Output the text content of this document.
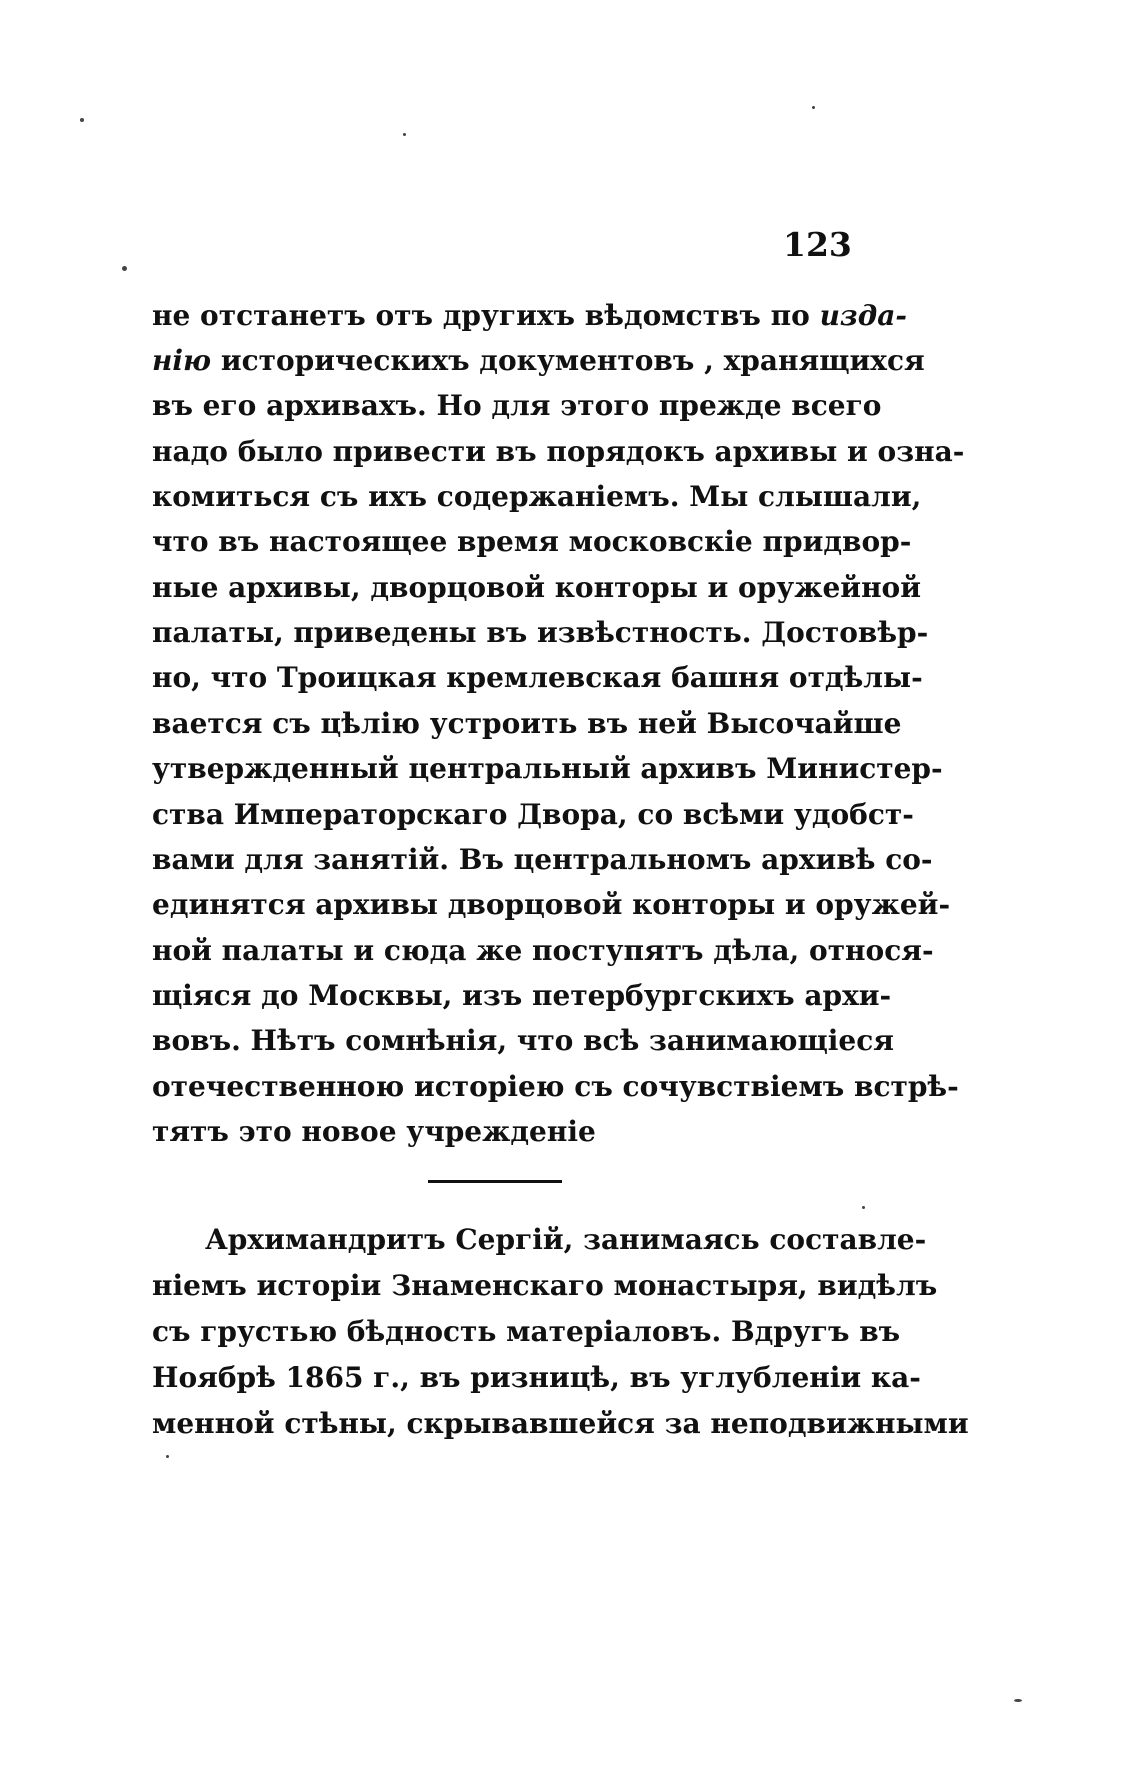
123
не отстанетъ отъ другихъ вѣдомствъ по изда-
нію историческихъ документовъ , хранящихся
въ его архивахъ. Но для этого прежде всего
надо было привести въ порядокъ архивы и озна-
комиться съ ихъ содержаніемъ. Мы слышали,
что въ настоящее время московскіе придвор-
ные архивы, дворцовой конторы и оружейной
палаты, приведены въ извѣстность. Достовѣр-
но, что Троицкая кремлевская башня отдѣлы-
вается съ цѣлію устроить въ ней Высочайше
утвержденный центральный архивъ Министер-
ства Императорскаго Двора, со всѣми удобст-
вами для занятій. Въ центральномъ архивѣ со-
единятся архивы дворцовой конторы и оружей-
ной палаты и сюда же поступятъ дѣла, относя-
щіяся до Москвы, изъ петербургскихъ архи-
вовъ. Нѣтъ сомнѣнія, что всѣ занимающіеся
отечественною исторіею съ сочувствіемъ встрѣ-
тятъ это новое учрежденіе
Архимандритъ Сергій, занимаясь составле-
ніемъ исторіи Знаменскаго монастыря, видѣлъ
съ грустью бѣдность матеріаловъ. Вдругъ въ
Ноябрѣ 1865 г., въ ризницѣ, въ углубленіи ка-
менной стѣны, скрывавшейся за неподвижными
